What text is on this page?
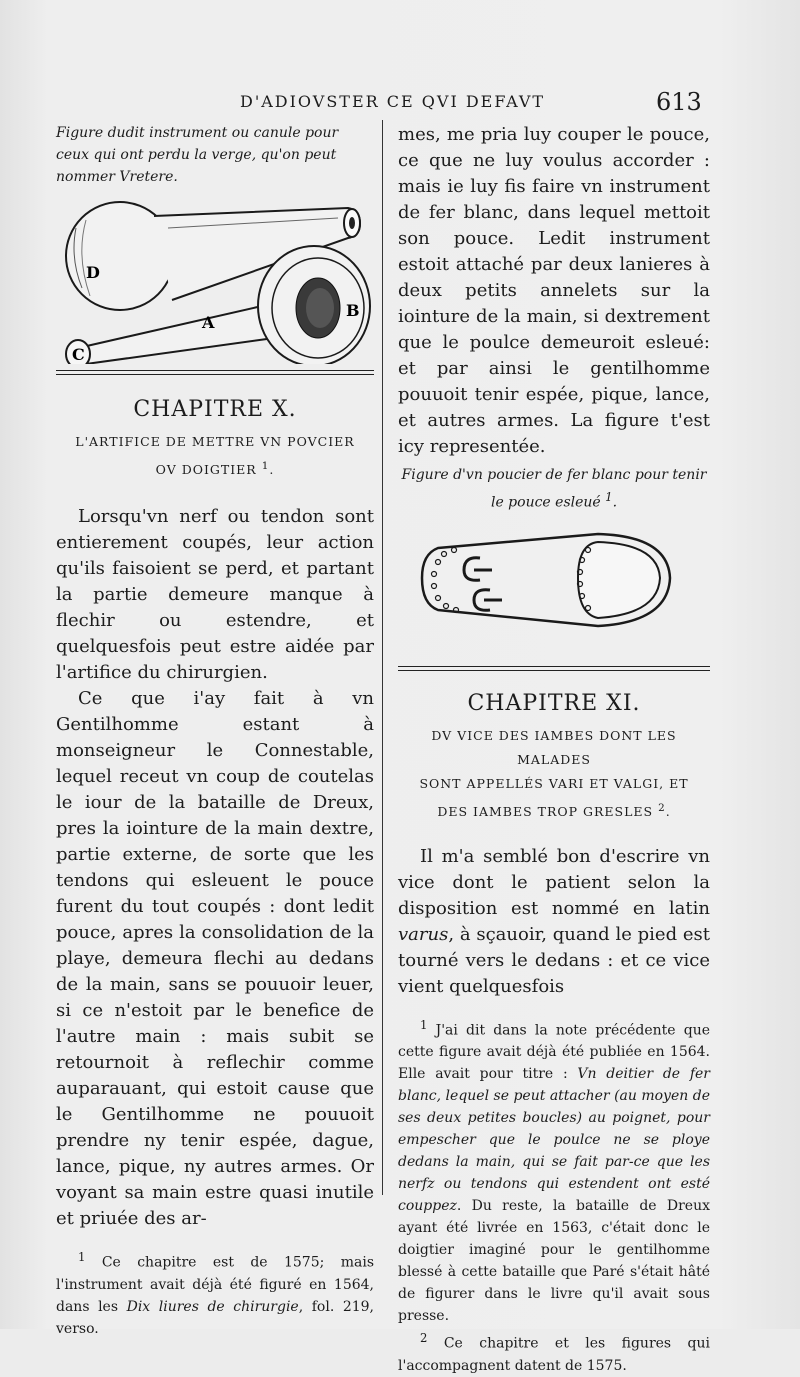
D'ADIOVSTER CE QVI DEFAVT	613

Figure dudit instrument ou canule pour ceux qui ont perdu la verge, qu'on peut nommer Vretere.

D
A
B
C

CHAPITRE X.

L'ARTIFICE DE METTRE VN POVCIER
OV DOIGTIER $^1$.

Lorsqu'vn nerf ou tendon sont entierement coupés, leur action qu'ils faisoient se perd, et partant la partie demeure manque à flechir ou estendre, et quelquesfois peut estre aidée par l'artifice du chirurgien.

Ce que i'ay fait à vn Gentilhomme estant à monseigneur le Connestable, lequel receut vn coup de coutelas le iour de la bataille de Dreux, pres la iointure de la main dextre, partie externe, de sorte que les tendons qui esleuent le pouce furent du tout coupés : dont ledit pouce, apres la consolidation de la playe, demeura flechi au dedans de la main, sans se pouuoir leuer, si ce n'estoit par le benefice de l'autre main : mais subit se retournoit à reflechir comme auparauant, qui estoit cause que le Gentilhomme ne pouuoit prendre ny tenir espée, dague, lance, pique, ny autres armes. Or voyant sa main estre quasi inutile et priuée des ar-

$^1$ Ce chapitre est de 1575; mais l'instrument avait déjà été figuré en 1564, dans les Dix liures de chirurgie, fol. 219, verso.

mes, me pria luy couper le pouce, ce que ne luy voulus accorder : mais ie luy fis faire vn instrument de fer blanc, dans lequel mettoit son pouce. Ledit instrument estoit attaché par deux lanieres à deux petits annelets sur la iointure de la main, si dextrement que le poulce demeuroit esleué: et par ainsi le gentilhomme pouuoit tenir espée, pique, lance, et autres armes. La figure t'est icy representée.

Figure d'vn poucier de fer blanc pour tenir le pouce esleué $^1$.

CHAPITRE XI.

DV VICE DES IAMBES DONT LES MALADES
SONT APPELLÉS VARI ET VALGI, ET
DES IAMBES TROP GRESLES $^2$.

Il m'a semblé bon d'escrire vn vice dont le patient selon la disposition est nommé en latin varus, à sçauoir, quand le pied est tourné vers le dedans : et ce vice vient quelquesfois

$^1$ J'ai dit dans la note précédente que cette figure avait déjà été publiée en 1564. Elle avait pour titre : Vn deitier de fer blanc, lequel se peut attacher (au moyen de ses deux petites boucles) au poignet, pour empescher que le poulce ne se ploye dedans la main, qui se fait par-ce que les nerfz ou tendons qui estendent ont esté couppez. Du reste, la bataille de Dreux ayant été livrée en 1563, c'était donc le doigtier imaginé pour le gentilhomme blessé à cette bataille que Paré s'était hâté de figurer dans le livre qu'il avait sous presse.

$^2$ Ce chapitre et les figures qui l'accompagnent datent de 1575.
